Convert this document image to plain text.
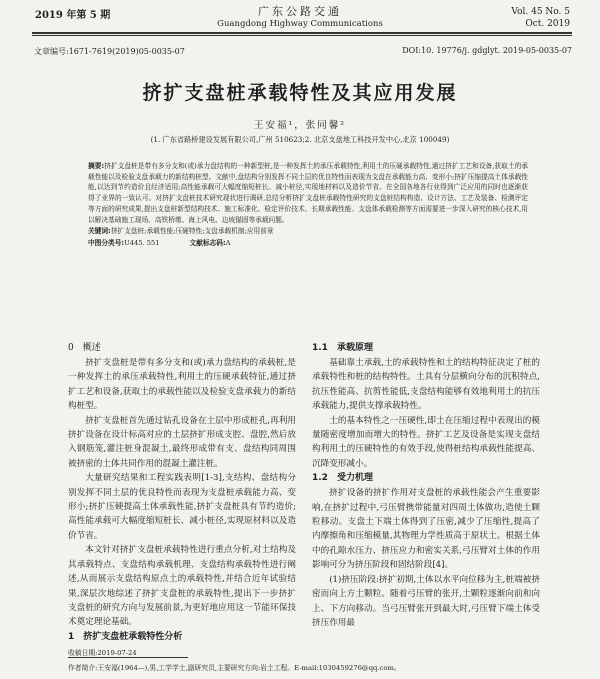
2019 年第 5 期	广东公路交通
Guangdong Highway Communications
Vol. 45 No. 5
Oct. 2019
文章编号:1671-7619(2019)05-0035-07	DOI:10. 19776/j. gdglyt. 2019-05-0035-07
挤扩支盘桩承载特性及其应用发展
王安福¹，张同馨²
(1. 广东省路桥建设发展有限公司,广州 510623;2. 北京支盘地工科技开发中心,北京 100049)
摘要:挤扩支盘桩是带有多分支和(或)承力盘结构的一种新型桩,是一种发挥土的承压承载特性,利用土的压硬承载特性,通过挤扩工艺和设备,获取土的承载性能以及检验支盘承载力的新结构桩型。文献中,盘结构分别发挥不同土层的优良特性而表现为支盘在承载能力高、变形小;挤扩压缩提高土体承载性能,以达到节约造价且经济适用;高性能承载可大幅度缩短桩长、减小桩径,实现地材料以及造价节省。在全国各地各行业得到广泛应用的同时也逐渐获得了业界的一致认可。对挤扩支盘桩技术研究现状进行调研,总结分析挤扩支盘桩承载特性研究的支盘桩结构构造、设计方法、工艺及装备、检测评定等方面的研究成果,提出支盘桩新型结构技术、施工标准化、检定评价技术、长期承载性能、支盘体承载检测等方面需要进一步深入研究的核心技术,用以解决基础施工现场、高铁桥墩、海上风电、边坡锚固等承载问题。
关键词:挤扩支盘桩;承载性能;压硬特性;支盘承载机制;应用前景
中图分类号:U445. 551	文献标志码:A

0　概述

挤扩支盘桩是带有多分支和(或)承力盘结构的承载桩,是一种发挥土的承压承载特性,利用土的压硬承载特征,通过挤扩工艺和设备,获取土的承载性能以及检验支盘承载力的新结构桩型。

挤扩支盘桩首先通过钻孔设备在土层中形成桩孔,再利用挤扩设备在设计标高对应的土层挤扩形成支腔、盘腔,然后放入钢筋笼,灌注桩身混凝土,最终形成带有支、盘结构同周围被挤密的土体共同作用的混凝土灌注桩。

大量研究结果和工程实践表明[1-3],支结构、盘结构分别发挥不同土层的优良特性而表现为支盘桩承载能力高、变形小;挤扩压硬提高土体承载性能,挤扩支盘桩具有节约造价;高性能承载可大幅度缩短桩长、减小桩径,实现原材料以及造价节省。

本文针对挤扩支盘桩承载特性进行重点分析,对土结构及其承载特点、支盘结构承载机理、支盘结构承载特性进行阐述,从而展示支盘结构原点土的承载特性,并结合近年试验结果,深层次地综述了挤扩支盘桩的承载特性,提出下一步挤扩支盘桩的研究方向与发展前景,为更好地应用这一节能环保技术奠定理论基础。

1　挤扩支盘桩承载特性分析

1.1　承载原理

基础靠土承载,土的承载特性和土的结构特征决定了桩的承载特性和桩的结构特性。土具有分层横向分布的沉积特点,抗压性能高、抗剪性能低,支盘结构能够有效地利用土的抗压承载能力,提供支撑承载特性。

土的基本特性之一压硬性,即土在压缩过程中表现出的模量随密度增加而增大的特性。挤扩工艺及设备是实现支盘结构利用土的压硬特性的有效手段,使得桩结构承载性能提高、沉降变形减小。

1.2　受力机理

挤扩设备的挤扩作用对支盘桩的承载性能会产生重要影响,在挤扩过程中,弓压臂携带能量对四周土体做功,造使土颗粒移动。支盘土下端土体得到了压密,减少了压缩性,提高了内摩擦角和压缩模量,其物理力学性质高于原状土。根据土体中的孔隙水压力、挤压应力和密实关系,弓压臂对土体的作用影响可分为挤压阶段和固结阶段[4]。

(1)挤压阶段:挤扩初期,土体以水平向位移为主,桩端被挤密而向上方土颗粒。随着弓压臂的张开,土颗粒逐渐向前和向上、下方向移动。当弓压臂张开到最大时,弓压臂下端土体受挤压作用最

收稿日期:2019-07-24
作者简介:王安福(1964—),男,工学学士,副研究员,主要研究方向:岩土工程。E-mail:1030459276@qq.com。
